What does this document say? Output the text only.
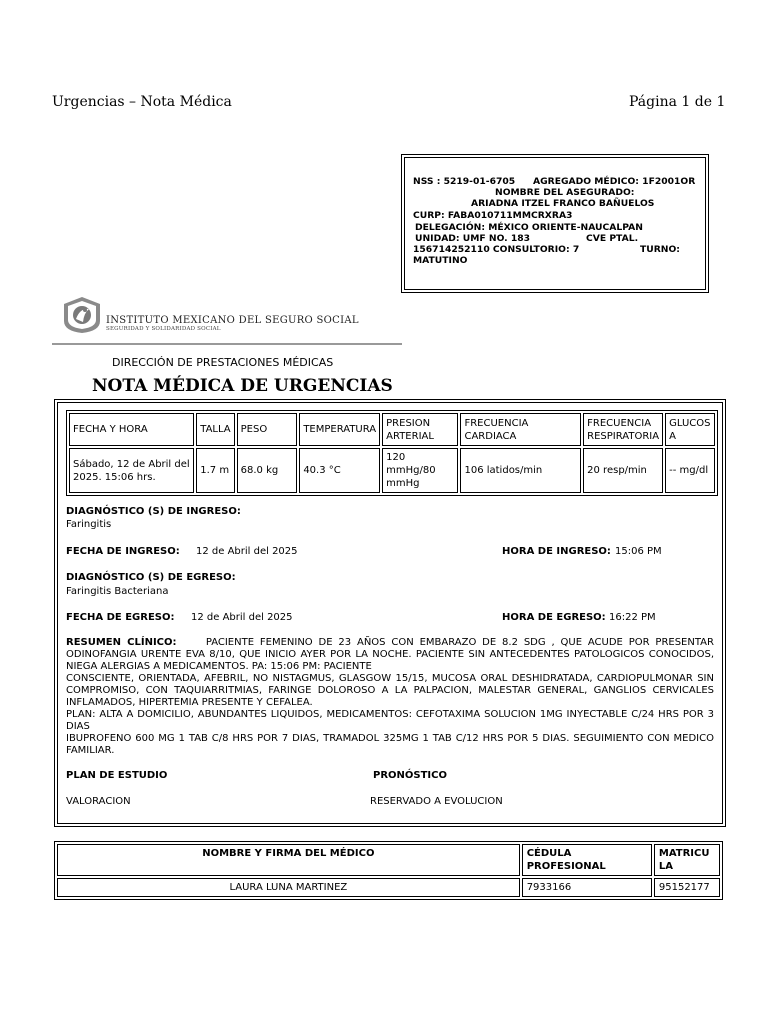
Urgencias – Nota Médica	Página 1 de 1
NSS : 5219-01-6705 AGREGADO MÉDICO: 1F2001OR
NOMBRE DEL ASEGURADO:
ARIADNA ITZEL FRANCO BAÑUELOS
CURP: FABA010711MMCRXRA3
DELEGACIÓN: MÉXICO ORIENTE-NAUCALPAN
UNIDAD: UMF NO. 183	CVE PTAL.
156714252110 CONSULTORIO: 7	TURNO:
MATUTINO
INSTITUTO MEXICANO DEL SEGURO SOCIAL
SEGURIDAD Y SOLIDARIDAD SOCIAL
DIRECCIÓN DE PRESTACIONES MÉDICAS
NOTA MÉDICA DE URGENCIAS
FECHA Y HORA	TALLA	PESO	TEMPERATURA	PRESION ARTERIAL	FRECUENCIA CARDIACA	FRECUENCIA RESPIRATORIA	GLUCOSA
Sábado, 12 de Abril del 2025. 15:06 hrs.	1.7 m	68.0 kg	40.3 °C	120 mmHg/80 mmHg	106 latidos/min	20 resp/min	-- mg/dl
DIAGNÓSTICO (S) DE INGRESO:
Faringitis
FECHA DE INGRESO: 12 de Abril del 2025	HORA DE INGRESO: 15:06 PM
DIAGNÓSTICO (S) DE EGRESO:
Faringitis Bacteriana
FECHA DE EGRESO: 12 de Abril del 2025	HORA DE EGRESO: 16:22 PM

RESUMEN CLÍNICO:	PACIENTE FEMENINO DE 23 AÑOS CON EMBARAZO DE 8.2 SDG , QUE ACUDE POR PRESENTAR ODINOFANGIA URENTE EVA 8/10, QUE INICIO AYER POR LA NOCHE. PACIENTE SIN ANTECEDENTES PATOLOGICOS CONOCIDOS, NIEGA ALERGIAS A MEDICAMENTOS. PA: 15:06 PM: PACIENTE

CONSCIENTE, ORIENTADA, AFEBRIL, NO NISTAGMUS, GLASGOW 15/15, MUCOSA ORAL DESHIDRATADA, CARDIOPULMONAR SIN COMPROMISO, CON TAQUIARRITMIAS, FARINGE DOLOROSO A LA PALPACION, MALESTAR GENERAL, GANGLIOS CERVICALES INFLAMADOS, HIPERTEMIA PRESENTE Y CEFALEA.

PLAN: ALTA A DOMICILIO, ABUNDANTES LIQUIDOS, MEDICAMENTOS: CEFOTAXIMA SOLUCION 1MG INYECTABLE C/24 HRS POR 3 DIAS

IBUPROFENO 600 MG 1 TAB C/8 HRS POR 7 DIAS, TRAMADOL 325MG 1 TAB C/12 HRS POR 5 DIAS. SEGUIMIENTO CON MEDICO FAMILIAR.

PLAN DE ESTUDIO	PRONÓSTICO
VALORACION	RESERVADO A EVOLUCION
NOMBRE Y FIRMA DEL MÉDICO	CÉDULA PROFESIONAL	MATRICULA
LAURA LUNA MARTINEZ	7933166	95152177
